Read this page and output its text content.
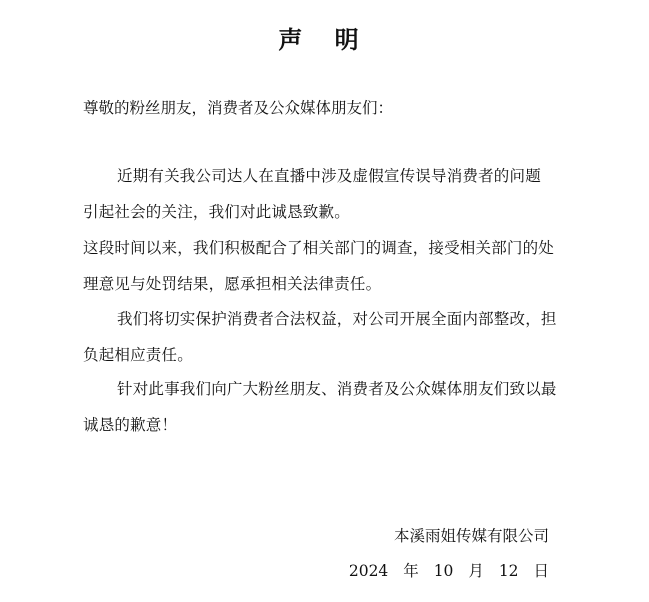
声 明
尊敬的粉丝朋友，消费者及公众媒体朋友们：
近期有关我公司达人在直播中涉及虚假宣传误导消费者的问题
引起社会的关注，我们对此诚恳致歉。
这段时间以来，我们积极配合了相关部门的调查，接受相关部门的处
理意见与处罚结果，愿承担相关法律责任。
我们将切实保护消费者合法权益，对公司开展全面内部整改，担
负起相应责任。
针对此事我们向广大粉丝朋友、消费者及公众媒体朋友们致以最
诚恳的歉意！
本溪雨姐传媒有限公司
2024 年 10 月 12 日
